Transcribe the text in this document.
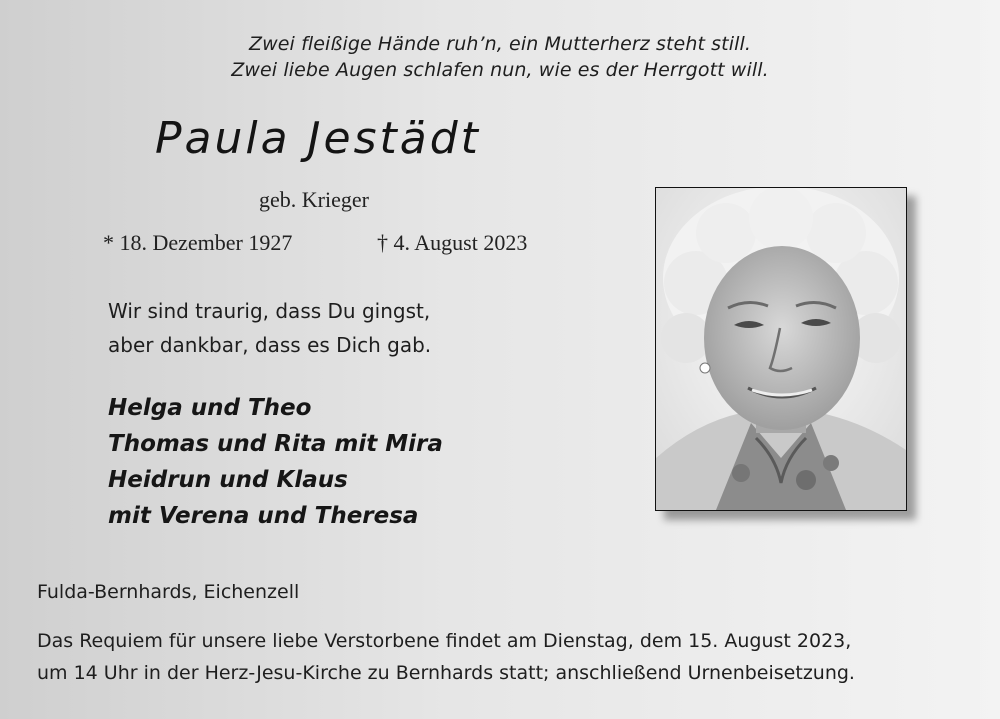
Zwei fleißige Hände ruh’n, ein Mutterherz steht still.
Zwei liebe Augen schlafen nun, wie es der Herrgott will.
Paula Jestädt
geb. Krieger
* 18. Dezember 1927	† 4. August 2023
Wir sind traurig, dass Du gingst,
aber dankbar, dass es Dich gab.
Helga und Theo
Thomas und Rita mit Mira
Heidrun und Klaus
mit Verena und Theresa
Fulda-Bernhards, Eichenzell
Das Requiem für unsere liebe Verstorbene findet am Dienstag, dem 15. August 2023,
um 14 Uhr in der Herz-Jesu-Kirche zu Bernhards statt; anschließend Urnenbeisetzung.
